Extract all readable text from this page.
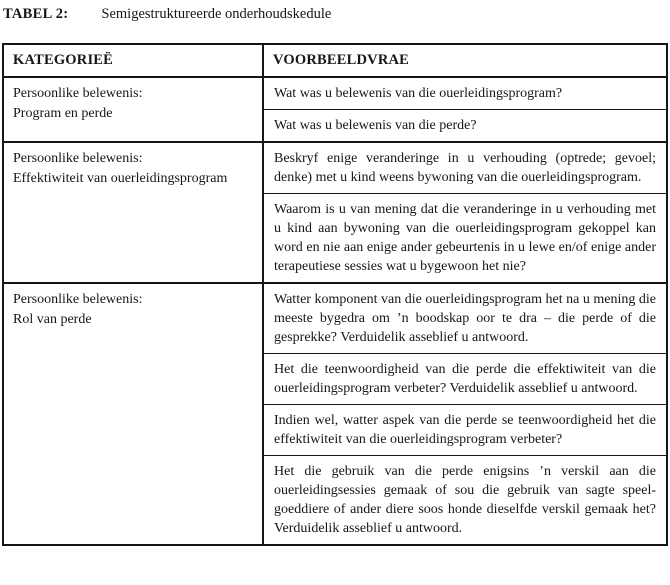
TABEL 2: Semigestruktureerde onderhoudskedule
KATEGORIEË	VOORBEELDVRAE

Persoonlike belewenis:
Program en perde	Wat was u belewenis van die ouerleidingsprogram?
	Wat was u belewenis van die perde?

Persoonlike belewenis:
Effektiwiteit van ouerleidingsprogram	Beskryf enige veranderinge in u verhouding (optrede; gevoel; denke) met u kind weens bywoning van die ouerleidingsprogram.
	Waarom is u van mening dat die veranderinge in u verhouding met u kind aan bywoning van die ouerleidingsprogram gekoppel kan word en nie aan enige ander gebeurtenis in u lewe en/of enige ander terapeutiese sessies wat u bygewoon het nie?

Persoonlike belewenis:
Rol van perde	Watter komponent van die ouerleidingsprogram het na u mening die meeste bygedra om ’n boodskap oor te dra – die perde of die gesprekke? Verduidelik asseblief u antwoord.
	Het die teenwoordigheid van die perde die effektiwiteit van die ouerleidingsprogram verbeter? Verduidelik asseblief u antwoord.
	Indien wel, watter aspek van die perde se teenwoordigheid het die effektiwiteit van die ouerleidingsprogram verbeter?
	Het die gebruik van die perde enigsins ’n verskil aan die ouerleidingsessies gemaak of sou die gebruik van sagte speel-goeddiere of ander diere soos honde dieselfde verskil gemaak het? Verduidelik asseblief u antwoord.
